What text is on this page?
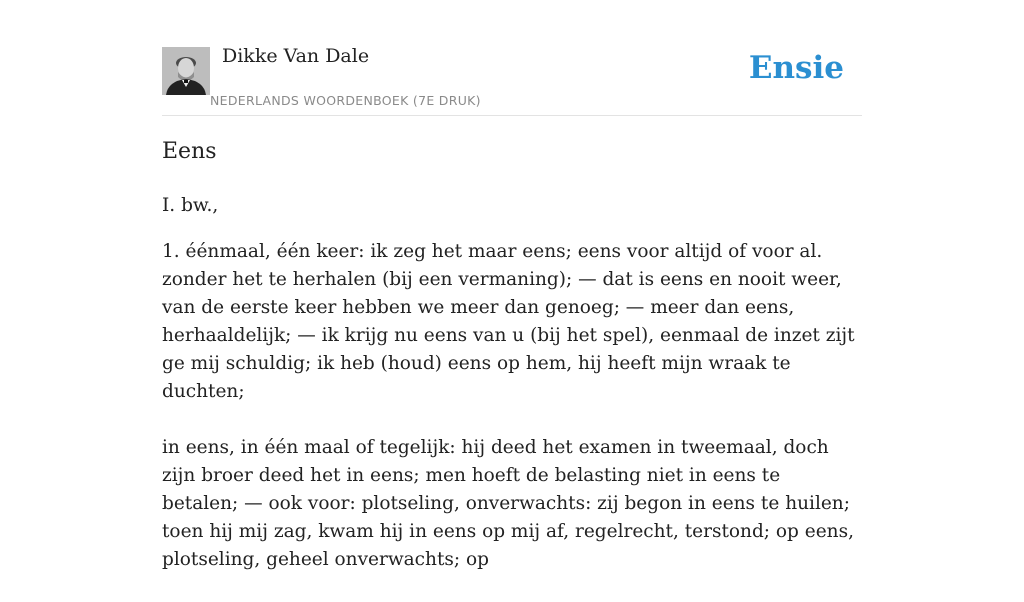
Dikke Van Dale
NEDERLANDS WOORDENBOEK (7E DRUK)
Ensie
Eens

I. bw.,

1. éénmaal, één keer: ik zeg het maar eens; eens voor altijd of voor al. zonder het te herhalen (bij een vermaning); — dat is eens en nooit weer, van de eerste keer hebben we meer dan genoeg; — meer dan eens, herhaaldelijk; — ik krijg nu eens van u (bij het spel), eenmaal de inzet zijt ge mij schuldig; ik heb (houd) eens op hem, hij heeft mijn wraak te duchten;

in eens, in één maal of tegelijk: hij deed het examen in tweemaal, doch zijn broer deed het in eens; men hoeft de belasting niet in eens te betalen; — ook voor: plotseling, onverwachts: zij begon in eens te huilen; toen hij mij zag, kwam hij in eens op mij af, regelrecht, terstond; op eens, plotseling, geheel onverwachts; op
